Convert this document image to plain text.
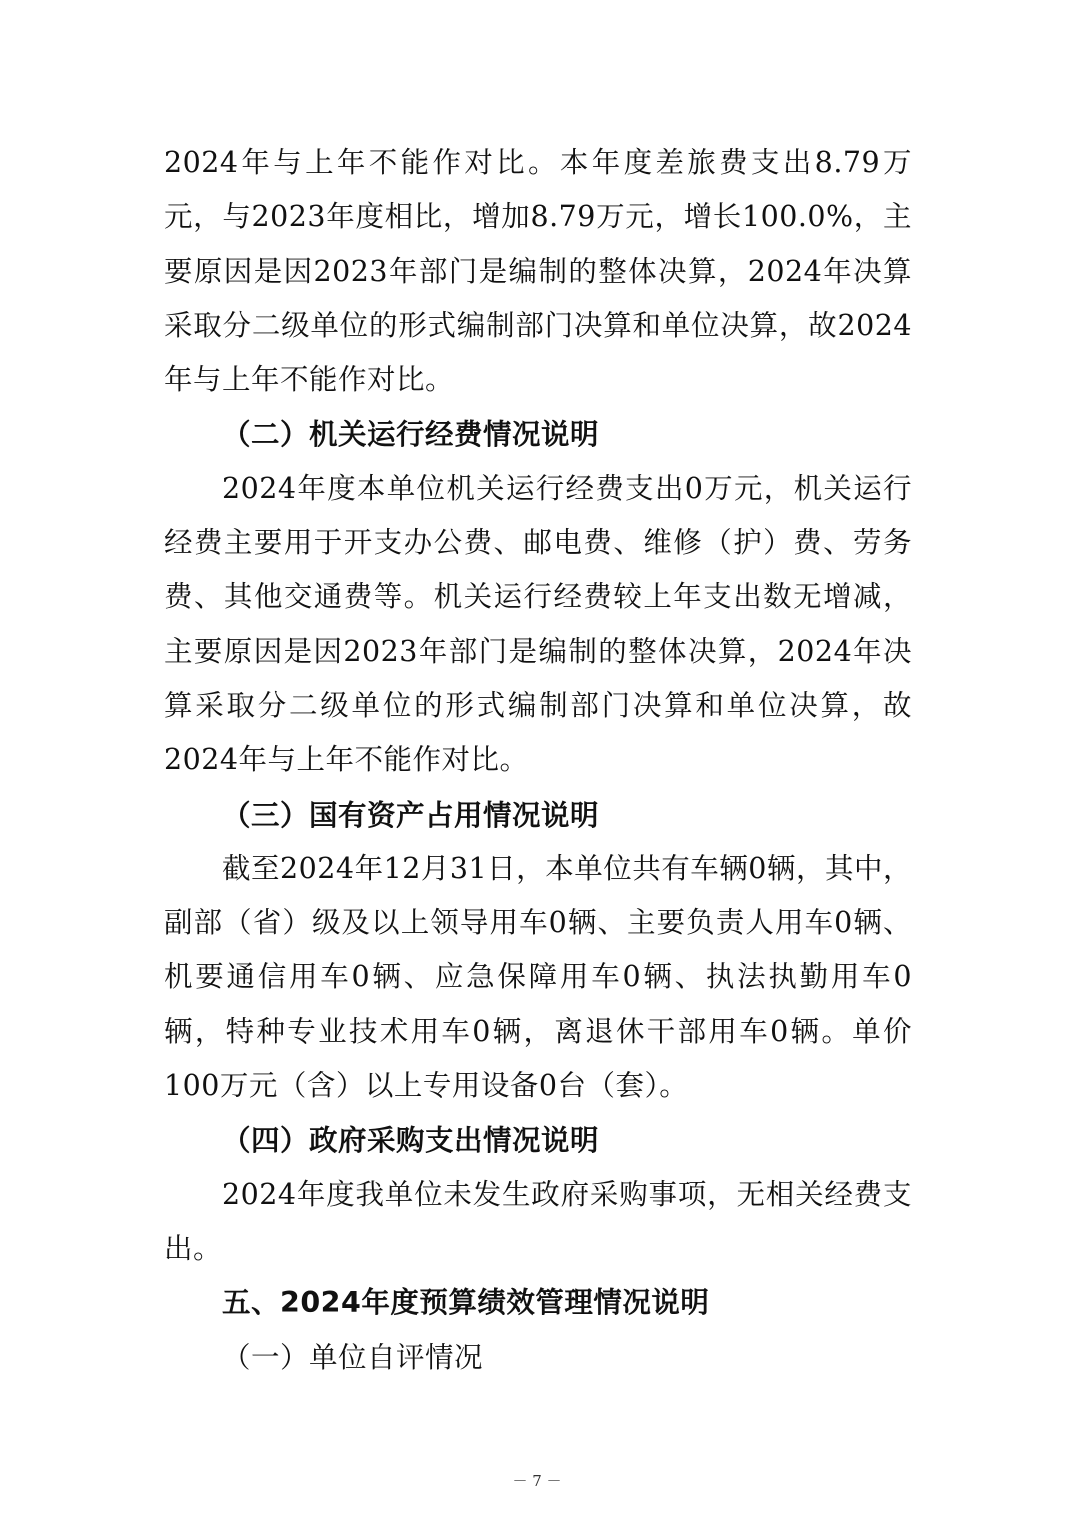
2024年与上年不能作对比。本年度差旅费支出8.79万元，与2023年度相比，增加8.79万元，增长100.0%，主要原因是因2023年部门是编制的整体决算，2024年决算采取分二级单位的形式编制部门决算和单位决算，故2024年与上年不能作对比。

（二）机关运行经费情况说明

2024年度本单位机关运行经费支出0万元，机关运行经费主要用于开支办公费、邮电费、维修（护）费、劳务费、其他交通费等。机关运行经费较上年支出数无增减，主要原因是因2023年部门是编制的整体决算，2024年决算采取分二级单位的形式编制部门决算和单位决算，故2024年与上年不能作对比。

（三）国有资产占用情况说明

截至2024年12月31日，本单位共有车辆0辆，其中，副部（省）级及以上领导用车0辆、主要负责人用车0辆、机要通信用车0辆、应急保障用车0辆、执法执勤用车0辆，特种专业技术用车0辆，离退休干部用车0辆。单价100万元（含）以上专用设备0台（套）。

（四）政府采购支出情况说明

2024年度我单位未发生政府采购事项，无相关经费支出。

五、2024年度预算绩效管理情况说明

（一）单位自评情况

－ 7 －
